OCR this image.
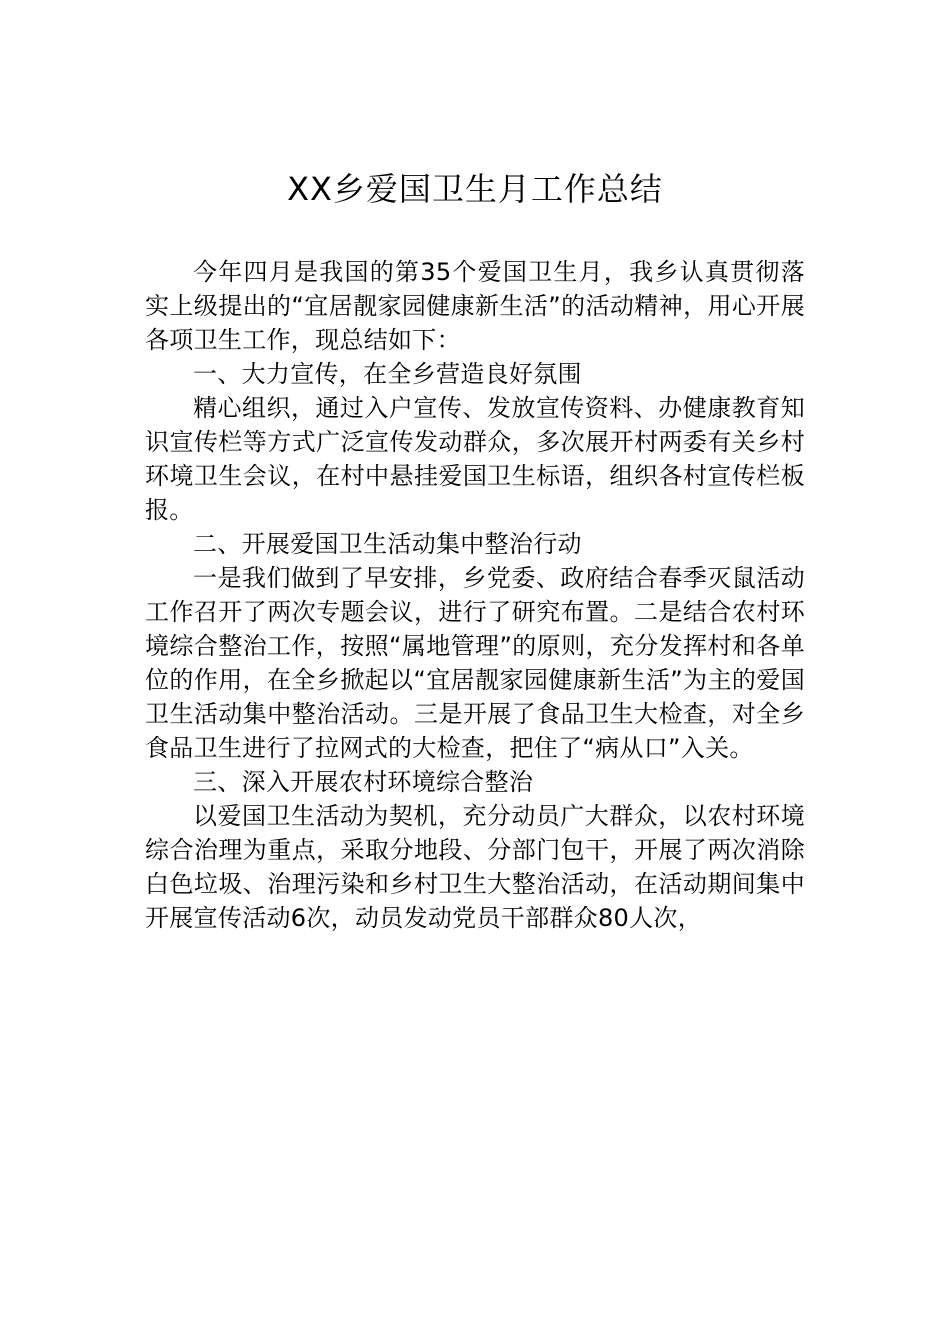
XX乡爱国卫生月工作总结

今年四月是我国的第35个爱国卫生月，我乡认真贯彻落实上级提出的“宜居靓家园健康新生活”的活动精神，用心开展各项卫生工作，现总结如下：

一、大力宣传，在全乡营造良好氛围

精心组织，通过入户宣传、发放宣传资料、办健康教育知识宣传栏等方式广泛宣传发动群众，多次展开村两委有关乡村环境卫生会议，在村中悬挂爱国卫生标语，组织各村宣传栏板报。

二、开展爱国卫生活动集中整治行动

一是我们做到了早安排，乡党委、政府结合春季灭鼠活动工作召开了两次专题会议，进行了研究布置。二是结合农村环境综合整治工作，按照“属地管理”的原则，充分发挥村和各单位的作用，在全乡掀起以“宜居靓家园健康新生活”为主的爱国卫生活动集中整治活动。三是开展了食品卫生大检查，对全乡食品卫生进行了拉网式的大检查，把住了“病从口”入关。

三、深入开展农村环境综合整治

以爱国卫生活动为契机，充分动员广大群众，以农村环境综合治理为重点，采取分地段、分部门包干，开展了两次消除白色垃圾、治理污染和乡村卫生大整治活动，在活动期间集中开展宣传活动6次，动员发动党员干部群众80人次，
